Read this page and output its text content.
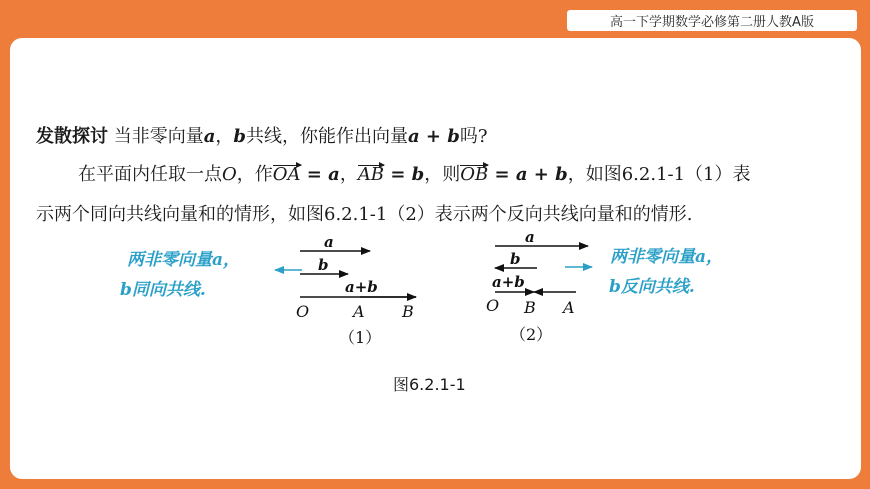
高一下学期数学必修第二册人教A版
发散探讨 当非零向量a，b共线，你能作出向量a + b吗?
在平面内任取一点O，作OA = a，AB = b，则OB = a + b，如图6.2.1-1（1）表
示两个同向共线向量和的情形，如图6.2.1-1（2）表示两个反向共线向量和的情形.
两非零向量a，
b同向共线.
a
b
a+b
O	A B
（1）
a
b
a+b
O B A
（2）
两非零向量a，
b反向共线.
图6.2.1-1
